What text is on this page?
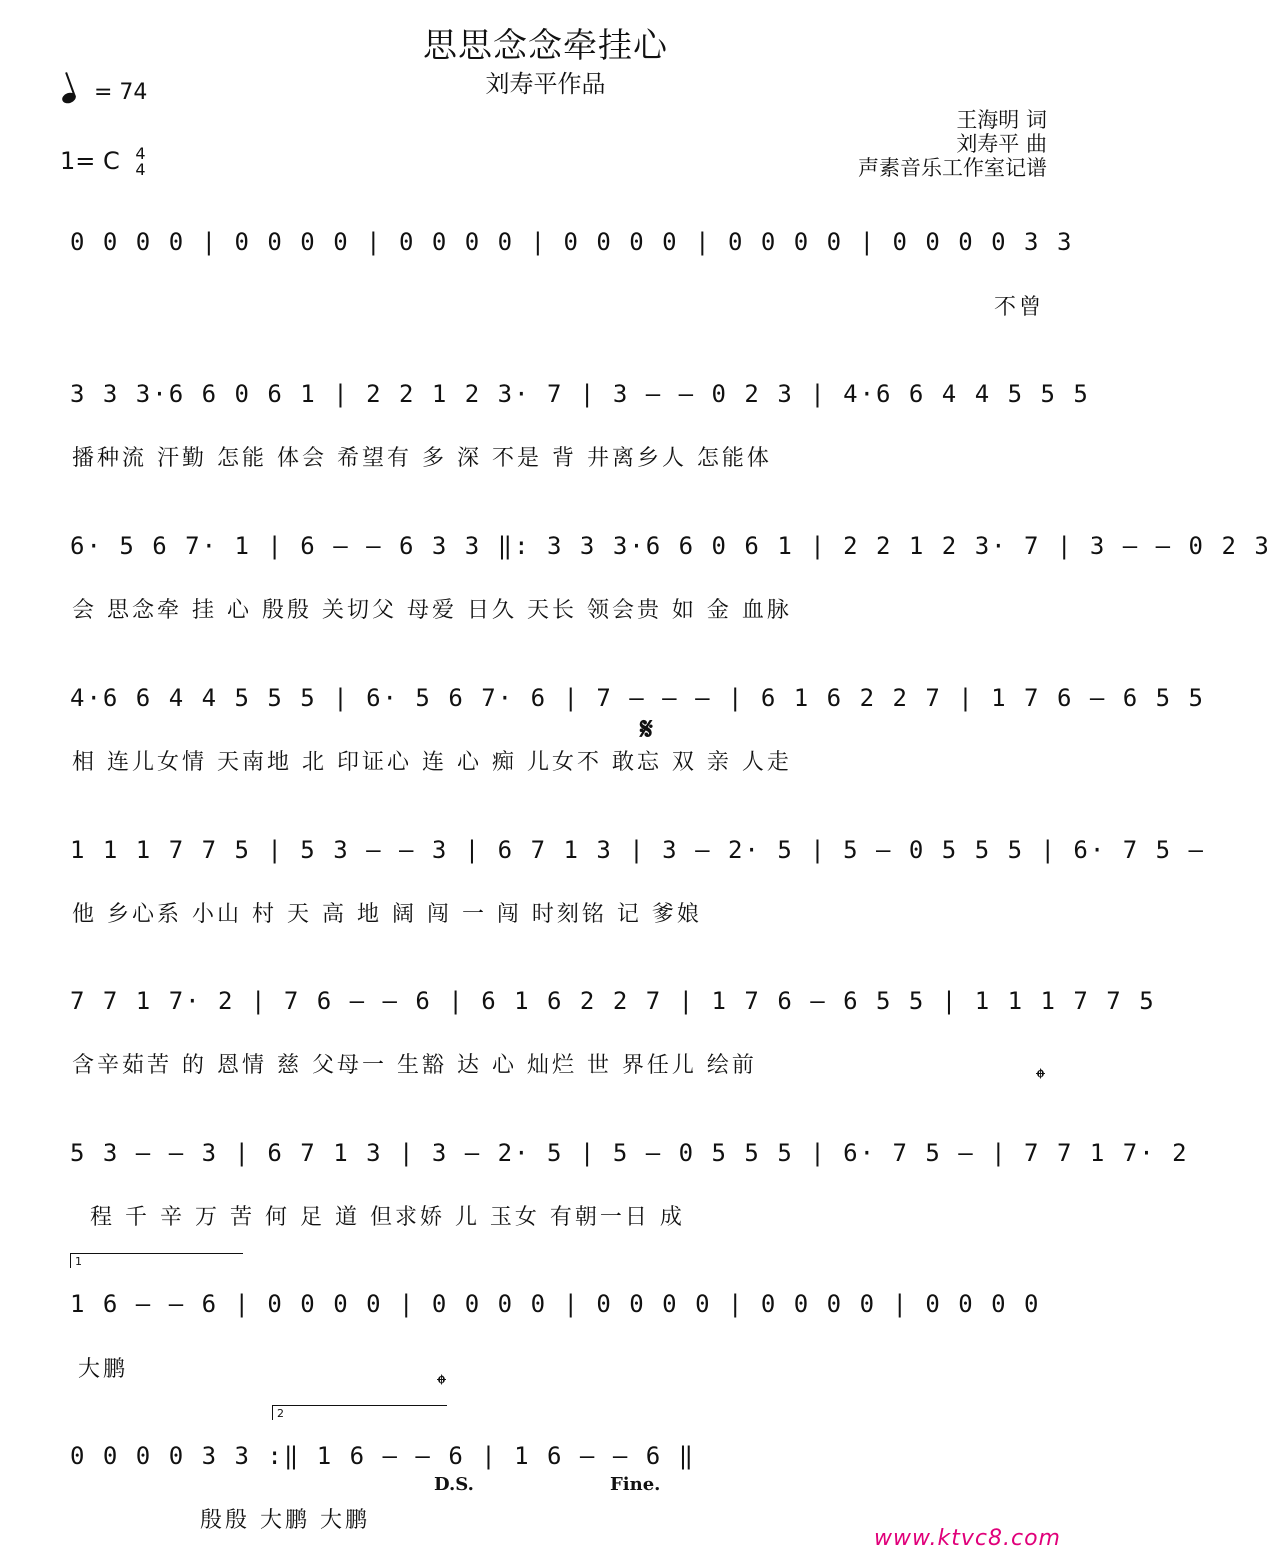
思思念念牵挂心
刘寿平作品
= 74
1= C 4
4
王海明 词
刘寿平 曲
声素音乐工作室记谱
0 0 0 0 | 0 0 0 0 | 0 0 0 0 | 0 0 0 0 | 0 0 0 0 | 0 0 0 0 3 3
不曾
3 3 3·6 6 0 6 1 | 2 2 1 2 3· 7 | 3 — — 0 2 3 | 4·6 6 4 4 5 5 5
播种流 汗勤 怎能 体会 希望有 多 深 不是 背 井离乡人 怎能体
6· 5 6 7· 1 | 6 — — 6 3 3 ‖: 3 3 3·6 6 0 6 1 | 2 2 1 2 3· 7 | 3 — — 0 2 3
会 思念牵 挂 心 殷殷 关切父 母爱 日久 天长 领会贵 如 金 血脉
4·6 6 4 4 5 5 5 | 6· 5 6 7· 6 | 7 — — — | 6 1 6 2 2 7 | 1 7 6 — 6 5 5
𝄋
相 连儿女情 天南地 北 印证心 连 心 痴 儿女不 敢忘 双 亲 人走
1 1 1 7 7 5 | 5 3 — — 3 | 6 7 1 3 | 3 — 2· 5 | 5 — 0 5 5 5 | 6· 7 5 —
他 乡心系 小山 村 天 高 地 阔 闯 一 闯 时刻铭 记 爹娘
7 7 1 7· 2 | 7 6 — — 6 | 6 1 6 2 2 7 | 1 7 6 — 6 5 5 | 1 1 1 7 7 5
含辛茹苦 的 恩情 慈 父母一 生豁 达 心 灿烂 世 界任儿 绘前	𝄌
5 3 — — 3 | 6 7 1 3 | 3 — 2· 5 | 5 — 0 5 5 5 | 6· 7 5 — | 7 7 1 7· 2
程 千 辛 万 苦 何 足 道 但求娇 儿 玉女 有朝一日 成
1
1 6 — — 6 | 0 0 0 0 | 0 0 0 0 | 0 0 0 0 | 0 0 0 0 | 0 0 0 0
大鹏
𝄌
2
0 0 0 0 3 3 :‖ 1 6 — — 6 | 1 6 — — 6 ‖
D.S.	Fine.
殷殷 大鹏 大鹏
www.ktvc8.com
